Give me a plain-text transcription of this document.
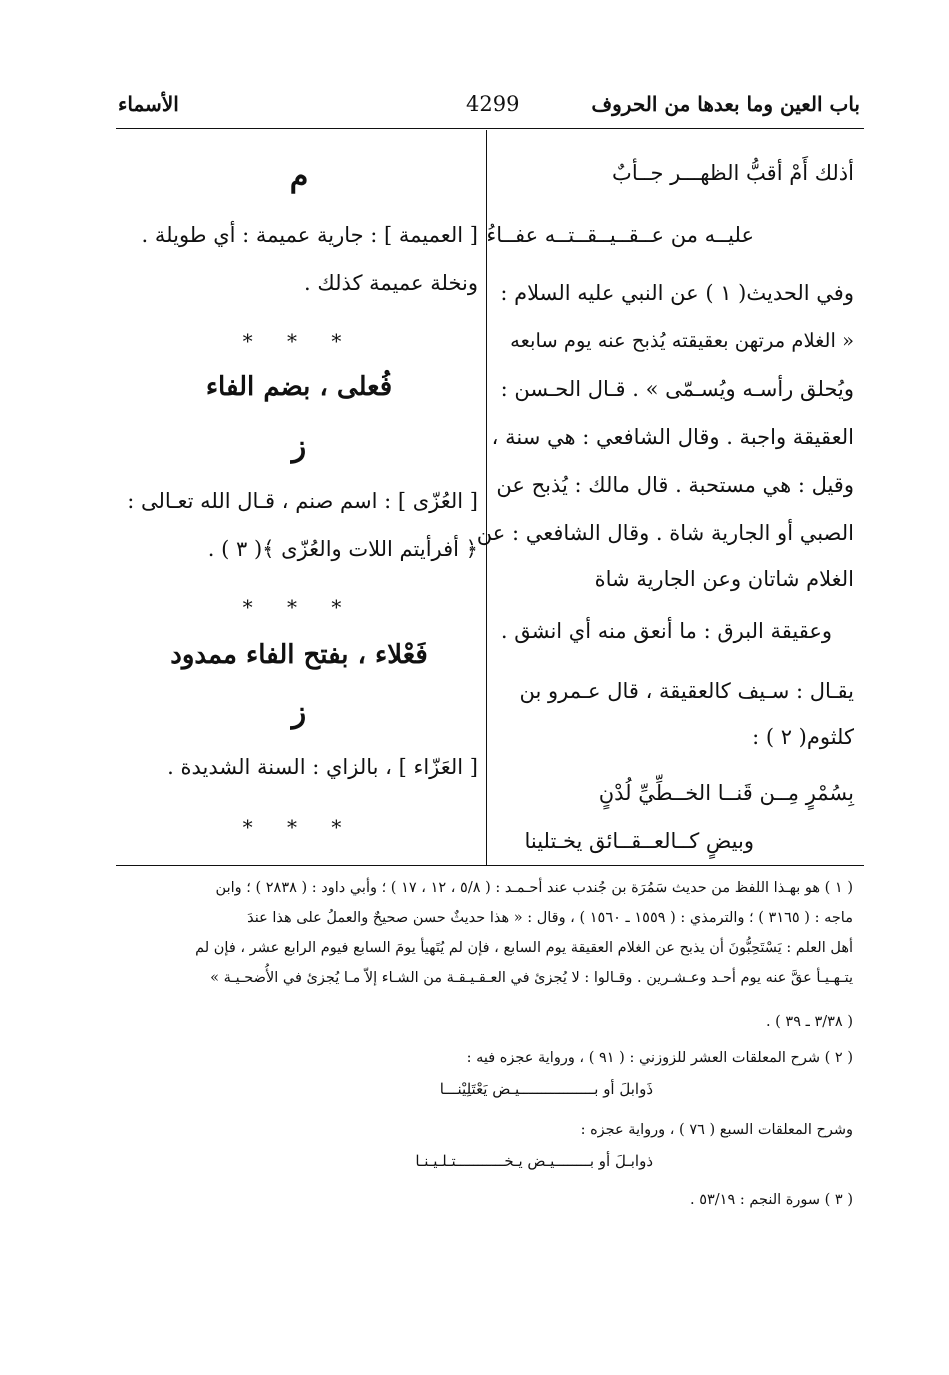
باب العين وما بعدها من الحروف
4299
الأسماء
أذلك أَمْ أقبُّ الظهـــر جــأبٌ
عليــه من عــقــيــقــتــه عفــاءُ
وفي الحديث( ١ ) عن النبي عليه السلام :
« الغلام مرتهن بعقيقته يُذبح عنه يوم سابعه
ويُحلق رأسـه ويُسـمّى » . قـال الحـسن :
العقيقة واجبة . وقال الشافعي : هي سنة ،
وقيل : هي مستحبة . قال مالك : يُذبح عن
الصبي أو الجارية شاة . وقال الشافعي : عن
الغلام شاتان وعن الجارية شاة
وعقيقة البرق : ما أنعق منه أي انشق .
يقـال : سـيف كالعقيقة ، قال عـمرو بن
كلثوم( ٢ ) :
بِسُمْرٍ مِــن قَنــا الخــطِّيِّ لُدْنٍ
وبيضٍ كــالعــقــائق يخـتلينا
م
[ العميمة ] : جارية عميمة : أي طويلة .
ونخلة عميمة كذلك .
* * *
فُعلى ، بضم الفاء
ز
[ العُزّى ] : اسم صنم ، قـال الله تعـالى :
﴿ أفرأيتم اللات والعُزّى ﴾( ٣ ) .
* * *
فَعْلاء ، بفتح الفاء ممدود
ز
[ العَزّاء ] ، بالزاي : السنة الشديدة .
* * *
( ١ ) هو بهـذا اللفظ من حديث سَمُرَة بن جُندب عند أحـمـد : ( ٥/٨ ، ١٢ ، ١٧ ) ؛ وأبي داود : ( ٢٨٣٨ ) ؛ وابن
ماجه : ( ٣١٦٥ ) ؛ والترمذي : ( ١٥٥٩ ـ ١٥٦٠ ) ، وقال : « هذا حديثٌ حسن صحيحٌ والعملُ على هذا عندَ
أهل العلم : يَسْتَحِبُّونَ أن يذبح عن الغلام العقيقة يوم السابع ، فإن لم يُتَهيأ يومَ السابع فيوم الرابع عشر ، فإن لم
يتـهـيـأ عقَّ عنه يوم أحـد وعـشـرين . وقـالوا : لا يُجزئ في العـقـيـقـة من الشـاء إلاّ مـا يُجزئ في الأُضحـيـة »
( ٣/٣٨ ـ ٣٩ ) .
( ٢ ) شرح المعلقات العشر للزوزني : ( ٩١ ) ، ورواية عجزه فيه :
ذَوابلَ أو بـــــــــــــــــيـض يَعْتَلِيْنـــا
وشرح المعلقات السبع ( ٧٦ ) ، ورواية عجزه :
ذوابـلَ أو بــــــــيـض يـخـــــــــــتـلـيـنـا
( ٣ ) سورة النجم : ٥٣/١٩ .
